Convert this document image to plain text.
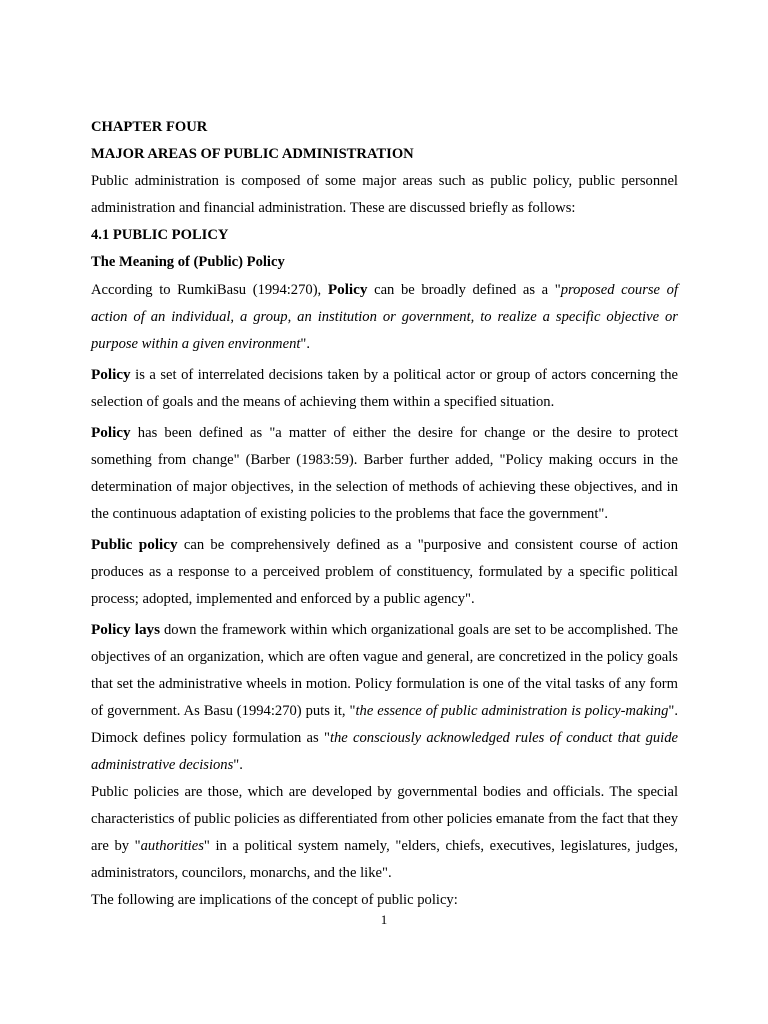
CHAPTER FOUR
MAJOR AREAS OF PUBLIC ADMINISTRATION

Public administration is composed of some major areas such as public policy, public personnel administration and financial administration. These are discussed briefly as follows:

4.1 PUBLIC POLICY
The Meaning of (Public) Policy

According to RumkiBasu (1994:270), Policy can be broadly defined as a "proposed course of action of an individual, a group, an institution or government, to realize a specific objective or purpose within a given environment".

Policy is a set of interrelated decisions taken by a political actor or group of actors concerning the selection of goals and the means of achieving them within a specified situation.

Policy has been defined as "a matter of either the desire for change or the desire to protect something from change" (Barber (1983:59). Barber further added, "Policy making occurs in the determination of major objectives, in the selection of methods of achieving these objectives, and in the continuous adaptation of existing policies to the problems that face the government".

Public policy can be comprehensively defined as a "purposive and consistent course of action produces as a response to a perceived problem of constituency, formulated by a specific political process; adopted, implemented and enforced by a public agency".

Policy lays down the framework within which organizational goals are set to be accomplished. The objectives of an organization, which are often vague and general, are concretized in the policy goals that set the administrative wheels in motion. Policy formulation is one of the vital tasks of any form of government. As Basu (1994:270) puts it, "the essence of public administration is policy-making". Dimock defines policy formulation as "the consciously acknowledged rules of conduct that guide administrative decisions".

Public policies are those, which are developed by governmental bodies and officials. The special characteristics of public policies as differentiated from other policies emanate from the fact that they are by "authorities" in a political system namely, "elders, chiefs, executives, legislatures, judges, administrators, councilors, monarchs, and the like".

The following are implications of the concept of public policy:

1
